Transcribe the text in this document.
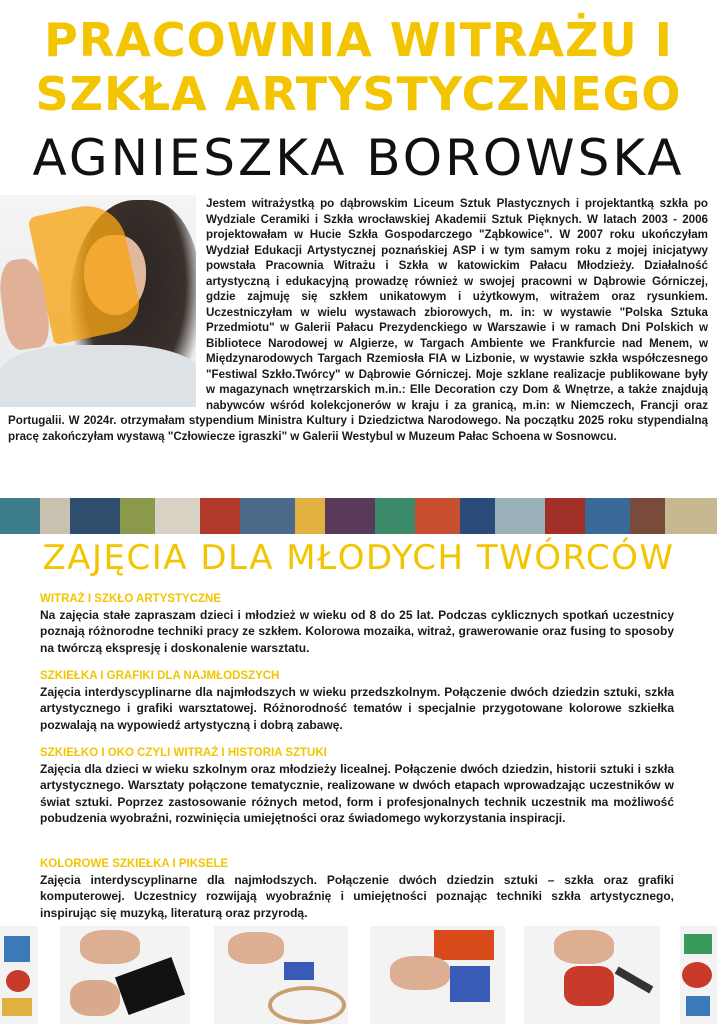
PRACOWNIA WITRAŻU I
SZKŁA ARTYSTYCZNEGO
AGNIESZKA BOROWSKA
Jestem witrażystką po dąbrowskim Liceum Sztuk Plastycznych i projektantką szkła po Wydziale Ceramiki i Szkła wrocławskiej Akademii Sztuk Pięknych. W latach 2003 - 2006 projektowałam w Hucie Szkła Gospodarczego "Ząbkowice". W 2007 roku ukończyłam Wydział Edukacji Artystycznej poznańskiej ASP i w tym samym roku z mojej inicjatywy powstała Pracownia Witrażu i Szkła w katowickim Pałacu Młodzieży. Działalność artystyczną i edukacyjną prowadzę również w swojej pracowni w Dąbrowie Górniczej, gdzie zajmuję się szkłem unikatowym i użytkowym, witrażem oraz rysunkiem. Uczestniczyłam w wielu wystawach zbiorowych, m. in: w wystawie "Polska Sztuka Przedmiotu" w Galerii Pałacu Prezydenckiego w Warszawie i w ramach Dni Polskich w Bibliotece Narodowej w Algierze, w Targach Ambiente we Frankfurcie nad Menem, w Międzynarodowych Targach Rzemiosła FIA w Lizbonie, w wystawie szkła współczesnego "Festiwal Szkło.Twórcy" w Dąbrowie Górniczej. Moje szklane realizacje publikowane były w magazynach wnętrzarskich m.in.: Elle Decoration czy Dom & Wnętrze, a także znajdują nabywców wśród kolekcjonerów w kraju i za granicą, m.in: w Niemczech, Francji oraz Portugalii. W 2024r. otrzymałam stypendium Ministra Kultury i Dziedzictwa Narodowego. Na początku 2025 roku stypendialną pracę zakończyłam wystawą "Człowiecze igraszki" w Galerii Westybul w Muzeum Pałac Schoena w Sosnowcu.
ZAJĘCIA DLA MŁODYCH TWÓRCÓW
WITRAŻ I SZKŁO ARTYSTYCZNE

Na zajęcia stałe zapraszam dzieci i młodzież w wieku od 8 do 25 lat. Podczas cyklicznych spotkań uczestnicy poznają różnorodne techniki pracy ze szkłem. Kolorowa mozaika, witraż, grawerowanie oraz fusing to sposoby na twórczą ekspresję i doskonalenie warsztatu.

SZKIEŁKA I GRAFIKI DLA NAJMŁODSZYCH

Zajęcia interdyscyplinarne dla najmłodszych w wieku przedszkolnym. Połączenie dwóch dziedzin sztuki, szkła artystycznego i grafiki warsztatowej. Różnorodność tematów i specjalnie przygotowane kolorowe szkiełka pozwalają na wypowiedź artystyczną i dobrą zabawę.

SZKIEŁKO I OKO CZYLI WITRAŻ I HISTORIA SZTUKI

Zajęcia dla dzieci w wieku szkolnym oraz młodzieży licealnej. Połączenie dwóch dziedzin, historii sztuki i szkła artystycznego. Warsztaty połączone tematycznie, realizowane w dwóch etapach wprowadzając uczestników w świat sztuki. Poprzez zastosowanie różnych metod, form i profesjonalnych technik uczestnik ma możliwość pobudzenia wyobraźni, rozwinięcia umiejętności oraz świadomego wykorzystania inspiracji.

KOLOROWE SZKIEŁKA I PIKSELE

Zajęcia interdyscyplinarne dla najmłodszych. Połączenie dwóch dziedzin sztuki – szkła oraz grafiki komputerowej. Uczestnicy rozwijają wyobraźnię i umiejętności poznając techniki szkła artystycznego, inspirując się muzyką, literaturą oraz przyrodą.
